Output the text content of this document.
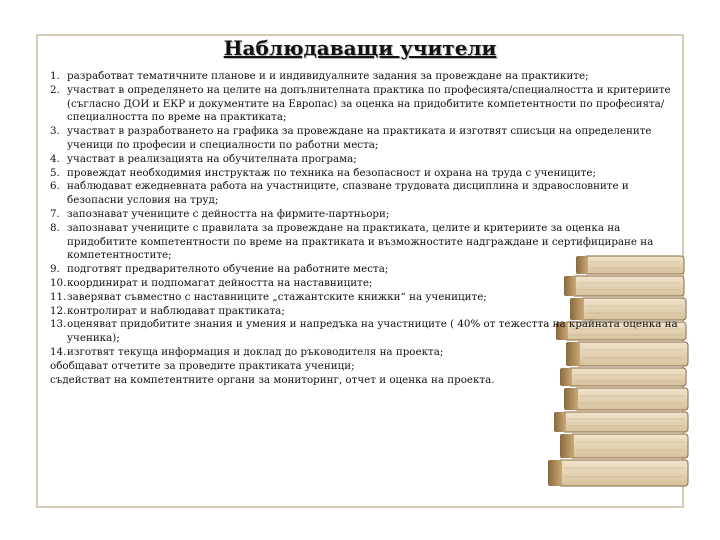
Наблюдаващи учители
1. разработват тематичните планове и и индивидуалните задания за провеждане на практиките;
2. участват в определянето на целите на допълнителната практика по професията/специалността и критериите (съгласно ДОИ и ЕКР и документите на Европас) за оценка на придобитите компетентности по професията/специалността по време на практиката;
3. участват в разработването на графика за провеждане на практиката и изготвят списъци на определените ученици по професии и специалности по работни места;
4. участват в реализацията на обучителната програма;
5. провеждат необходимия инструктаж по техника на безопасност и охрана на труда с учениците;
6. наблюдават ежедневната работа на участниците, спазване трудовата дисциплина и здравословните и безопасни условия на труд;
7. запознават учениците с дейността на фирмите-партньори;
8. запознават учениците с правилата за провеждане на практиката, целите и критериите за оценка на придобитите компетентности по време на практиката и възможностите надграждане и сертифициране на компетентностите;
9. подготвят предварителното обучение на работните места;
10. координират и подпомагат дейността на наставниците;
11. заверяват съвместно с наставниците „стажантските книжки“ на учениците;
12. контролират и наблюдават практиката;
13. оценяват придобитите знания и умения и напредъка на участниците ( 40% от тежестта на крайната оценка на ученика);
14. изготвят текуща информация и доклад до ръководителя на проекта;
обобщават отчетите за проведите практиката ученици;
съдействат на компетентните органи за мониторинг, отчет и оценка на проекта.
